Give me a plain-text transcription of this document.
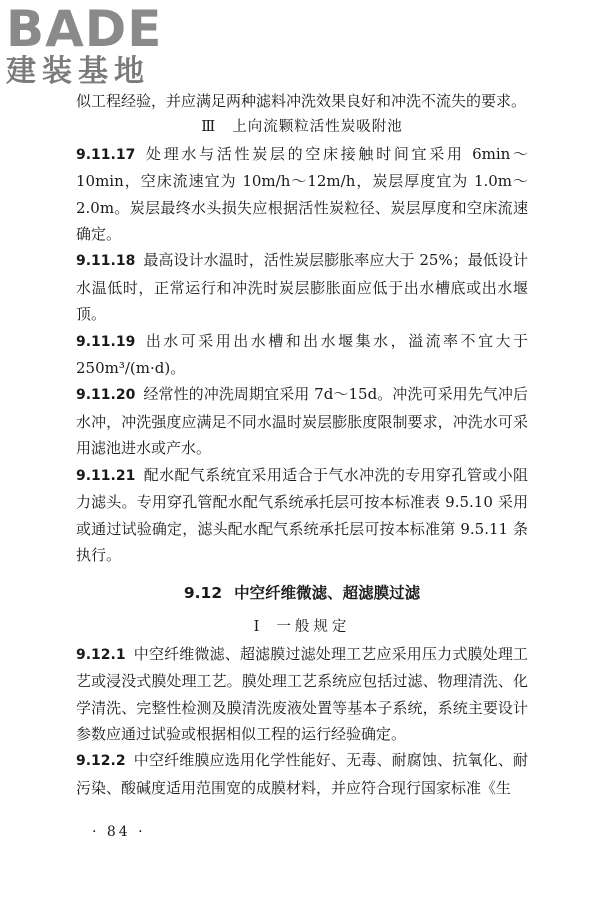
BADE
建装基地

似工程经验，并应满足两种滤料冲洗效果良好和冲洗不流失的要求。

Ⅲ 上向流颗粒活性炭吸附池

9.11.17 处理水与活性炭层的空床接触时间宜采用 6min～10min，空床流速宜为 10m/h～12m/h，炭层厚度宜为 1.0m～2.0m。炭层最终水头损失应根据活性炭粒径、炭层厚度和空床流速确定。

9.11.18 最高设计水温时，活性炭层膨胀率应大于 25%；最低设计水温低时，正常运行和冲洗时炭层膨胀面应低于出水槽底或出水堰顶。

9.11.19 出水可采用出水槽和出水堰集水，溢流率不宜大于 250m³/(m·d)。

9.11.20 经常性的冲洗周期宜采用 7d～15d。冲洗可采用先气冲后水冲，冲洗强度应满足不同水温时炭层膨胀度限制要求，冲洗水可采用滤池进水或产水。

9.11.21 配水配气系统宜采用适合于气水冲洗的专用穿孔管或小阻力滤头。专用穿孔管配水配气系统承托层可按本标准表 9.5.10 采用或通过试验确定，滤头配水配气系统承托层可按本标准第 9.5.11 条执行。

9.12 中空纤维微滤、超滤膜过滤
Ⅰ 一般规定

9.12.1 中空纤维微滤、超滤膜过滤处理工艺应采用压力式膜处理工艺或浸没式膜处理工艺。膜处理工艺系统应包括过滤、物理清洗、化学清洗、完整性检测及膜清洗废液处置等基本子系统，系统主要设计参数应通过试验或根据相似工程的运行经验确定。

9.12.2 中空纤维膜应选用化学性能好、无毒、耐腐蚀、抗氧化、耐污染、酸碱度适用范围宽的成膜材料，并应符合现行国家标准《生

· 84 ·
